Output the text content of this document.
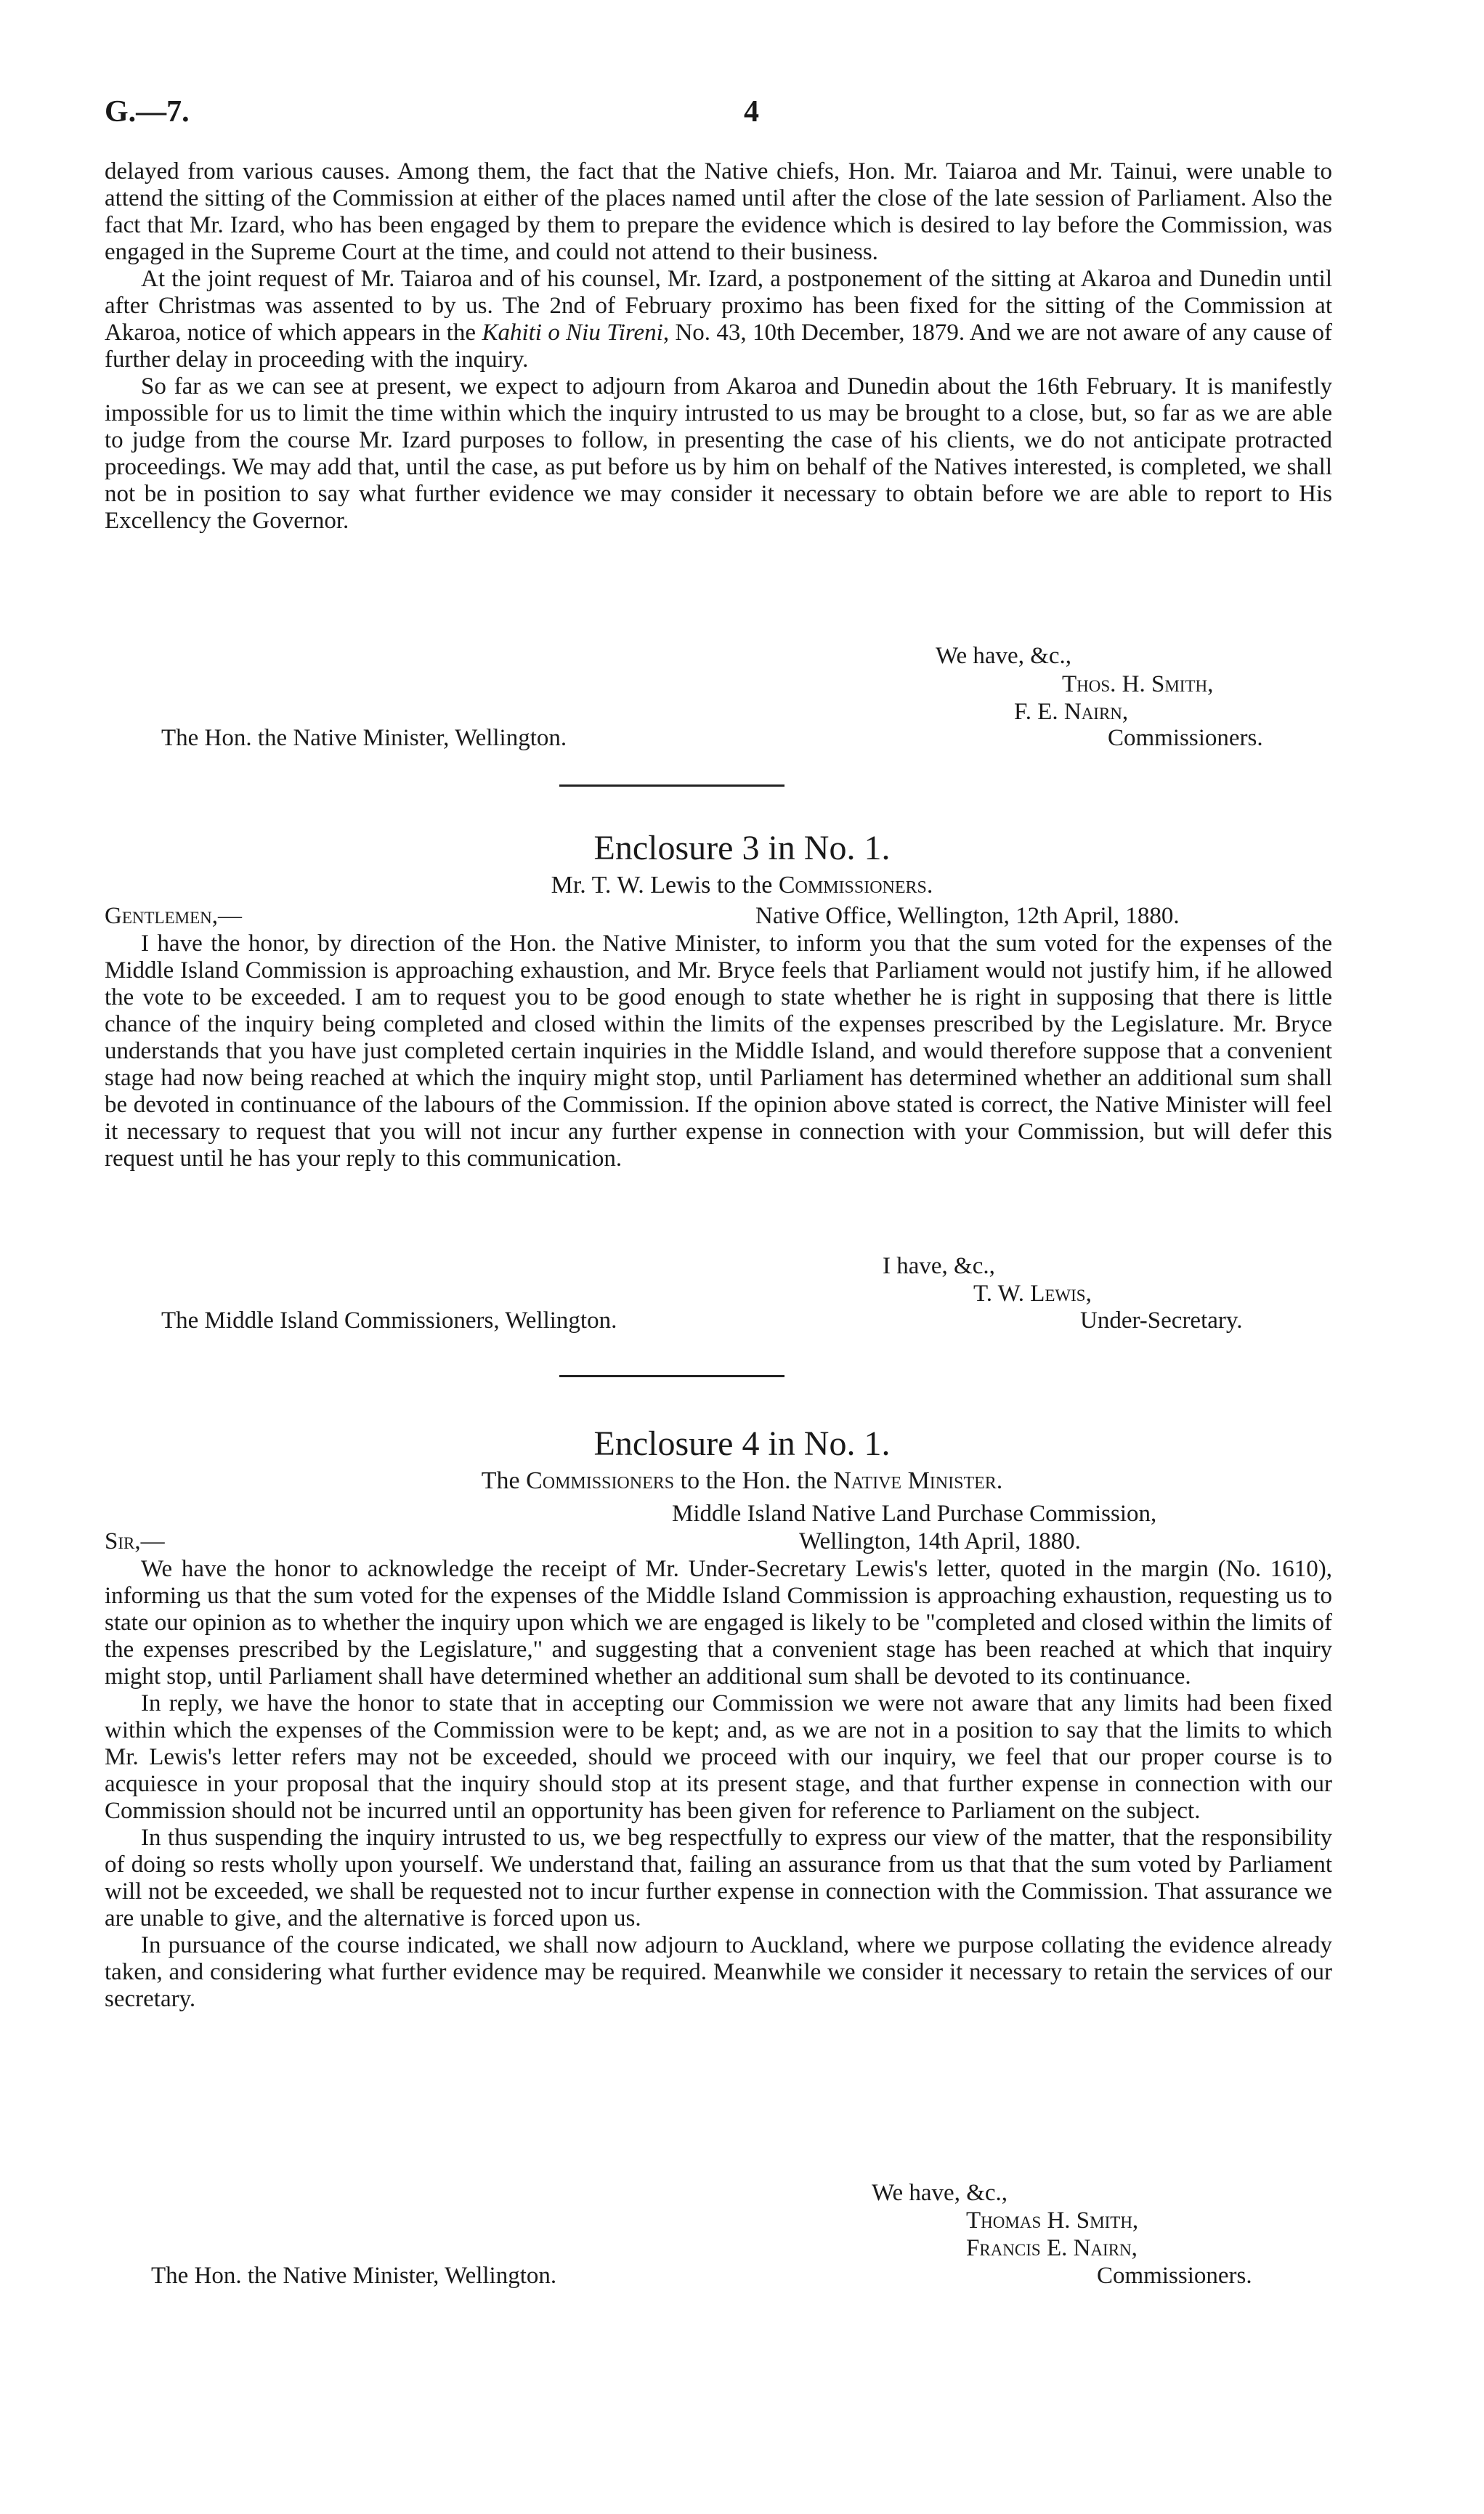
G.—7.	4

delayed from various causes. Among them, the fact that the Native chiefs, Hon. Mr. Taiaroa and Mr. Tainui, were unable to attend the sitting of the Commission at either of the places named until after the close of the late session of Parliament. Also the fact that Mr. Izard, who has been engaged by them to prepare the evidence which is desired to lay before the Commission, was engaged in the Supreme Court at the time, and could not attend to their business.

At the joint request of Mr. Taiaroa and of his counsel, Mr. Izard, a postponement of the sitting at Akaroa and Dunedin until after Christmas was assented to by us. The 2nd of February proximo has been fixed for the sitting of the Commission at Akaroa, notice of which appears in the Kahiti o Niu Tireni, No. 43, 10th December, 1879. And we are not aware of any cause of further delay in proceeding with the inquiry.

So far as we can see at present, we expect to adjourn from Akaroa and Dunedin about the 16th February. It is manifestly impossible for us to limit the time within which the inquiry intrusted to us may be brought to a close, but, so far as we are able to judge from the course Mr. Izard purposes to follow, in presenting the case of his clients, we do not anticipate protracted proceedings. We may add that, until the case, as put before us by him on behalf of the Natives interested, is completed, we shall not be in position to say what further evidence we may consider it necessary to obtain before we are able to report to His Excellency the Governor.

We have, &c.,
Thos. H. Smith,
F. E. Nairn,
The Hon. the Native Minister, Wellington.	Commissioners.
Enclosure 3 in No. 1.
Mr. T. W. Lewis to the Commissioners.
Gentlemen,—	Native Office, Wellington, 12th April, 1880.

I have the honor, by direction of the Hon. the Native Minister, to inform you that the sum voted for the expenses of the Middle Island Commission is approaching exhaustion, and Mr. Bryce feels that Parliament would not justify him, if he allowed the vote to be exceeded. I am to request you to be good enough to state whether he is right in supposing that there is little chance of the inquiry being completed and closed within the limits of the expenses prescribed by the Legislature. Mr. Bryce understands that you have just completed certain inquiries in the Middle Island, and would therefore suppose that a convenient stage had now being reached at which the inquiry might stop, until Parliament has determined whether an additional sum shall be devoted in continuance of the labours of the Commission. If the opinion above stated is correct, the Native Minister will feel it necessary to request that you will not incur any further expense in connection with your Commission, but will defer this request until he has your reply to this communication.

I have, &c.,
T. W. Lewis,
The Middle Island Commissioners, Wellington.	Under-Secretary.
Enclosure 4 in No. 1.
The Commissioners to the Hon. the Native Minister.
Middle Island Native Land Purchase Commission,
Sir,—	Wellington, 14th April, 1880.

We have the honor to acknowledge the receipt of Mr. Under-Secretary Lewis's letter, quoted in the margin (No. 1610), informing us that the sum voted for the expenses of the Middle Island Commission is approaching exhaustion, requesting us to state our opinion as to whether the inquiry upon which we are engaged is likely to be "completed and closed within the limits of the expenses prescribed by the Legislature," and suggesting that a convenient stage has been reached at which that inquiry might stop, until Parliament shall have determined whether an additional sum shall be devoted to its continuance.

In reply, we have the honor to state that in accepting our Commission we were not aware that any limits had been fixed within which the expenses of the Commission were to be kept; and, as we are not in a position to say that the limits to which Mr. Lewis's letter refers may not be exceeded, should we proceed with our inquiry, we feel that our proper course is to acquiesce in your proposal that the inquiry should stop at its present stage, and that further expense in connection with our Commission should not be incurred until an opportunity has been given for reference to Parliament on the subject.

In thus suspending the inquiry intrusted to us, we beg respectfully to express our view of the matter, that the responsibility of doing so rests wholly upon yourself. We understand that, failing an assurance from us that that the sum voted by Parliament will not be exceeded, we shall be requested not to incur further expense in connection with the Commission. That assurance we are unable to give, and the alternative is forced upon us.

In pursuance of the course indicated, we shall now adjourn to Auckland, where we purpose collating the evidence already taken, and considering what further evidence may be required. Meanwhile we consider it necessary to retain the services of our secretary.

We have, &c.,
Thomas H. Smith,
Francis E. Nairn,
The Hon. the Native Minister, Wellington.	Commissioners.
